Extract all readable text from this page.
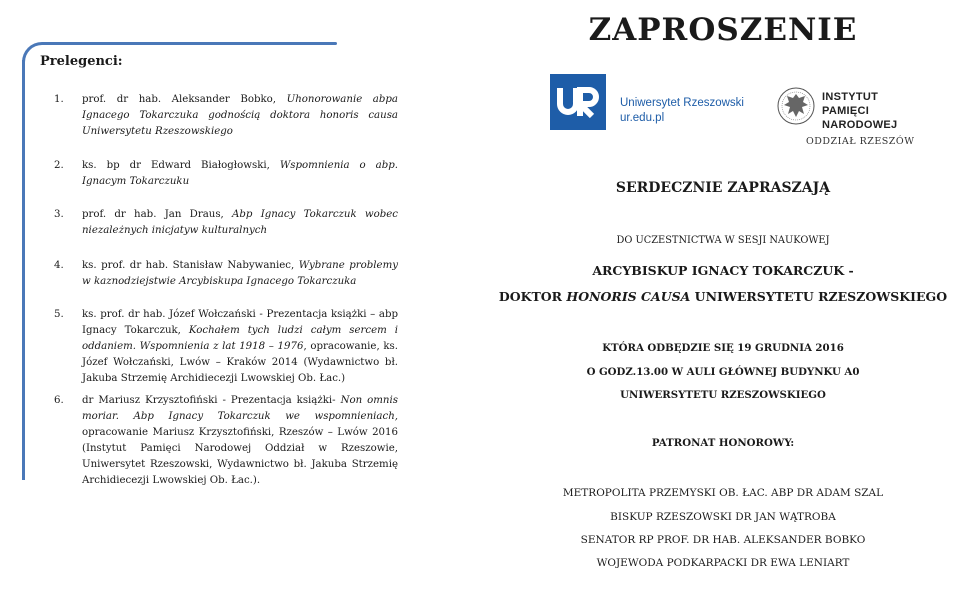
Prelegenci:
1. prof. dr hab. Aleksander Bobko, Uhonorowanie abpa Ignacego Tokarczuka godnością doktora honoris causa Uniwersytetu Rzeszowskiego
2. ks. bp dr Edward Białogłowski, Wspomnienia o abp. Ignacym Tokarczuku
3. prof. dr hab. Jan Draus, Abp Ignacy Tokarczuk wobec niezależnych inicjatyw kulturalnych
4. ks. prof. dr hab. Stanisław Nabywaniec, Wybrane problemy w kaznodziejstwie Arcybiskupa Ignacego Tokarczuka
5. ks. prof. dr hab. Józef Wołczański - Prezentacja książki – abp Ignacy Tokarczuk, Kochałem tych ludzi całym sercem i oddaniem. Wspomnienia z lat 1918 – 1976, opracowanie, ks. Józef Wołczański, Lwów – Kraków 2014 (Wydawnictwo bł. Jakuba Strzemię Archidiecezji Lwowskiej Ob. Łac.)
6. dr Mariusz Krzysztofiński - Prezentacja książki- Non omnis moriar. Abp Ignacy Tokarczuk we wspomnieniach, opracowanie Mariusz Krzysztofiński, Rzeszów – Lwów 2016 (Instytut Pamięci Narodowej Oddział w Rzeszowie, Uniwersytet Rzeszowski, Wydawnictwo bł. Jakuba Strzemię Archidiecezji Lwowskiej Ob. Łac.).
ZAPROSZENIE
Uniwersytet Rzeszowski
ur.edu.pl
INSTYTUT
PAMIĘCI
NARODOWEJ
ODDZIAŁ RZESZÓW
SERDECZNIE ZAPRASZAJĄ
DO UCZESTNICTWA W SESJI NAUKOWEJ
ARCYBISKUP IGNACY TOKARCZUK -
DOKTOR HONORIS CAUSA UNIWERSYTETU RZESZOWSKIEGO
KTÓRA ODBĘDZIE SIĘ 19 GRUDNIA 2016
O GODZ.13.00 W AULI GŁÓWNEJ BUDYNKU A0
UNIWERSYTETU RZESZOWSKIEGO
PATRONAT HONOROWY:
METROPOLITA PRZEMYSKI OB. ŁAC. ABP DR ADAM SZAL
BISKUP RZESZOWSKI DR JAN WĄTROBA
SENATOR RP PROF. DR HAB. ALEKSANDER BOBKO
WOJEWODA PODKARPACKI DR EWA LENIART
